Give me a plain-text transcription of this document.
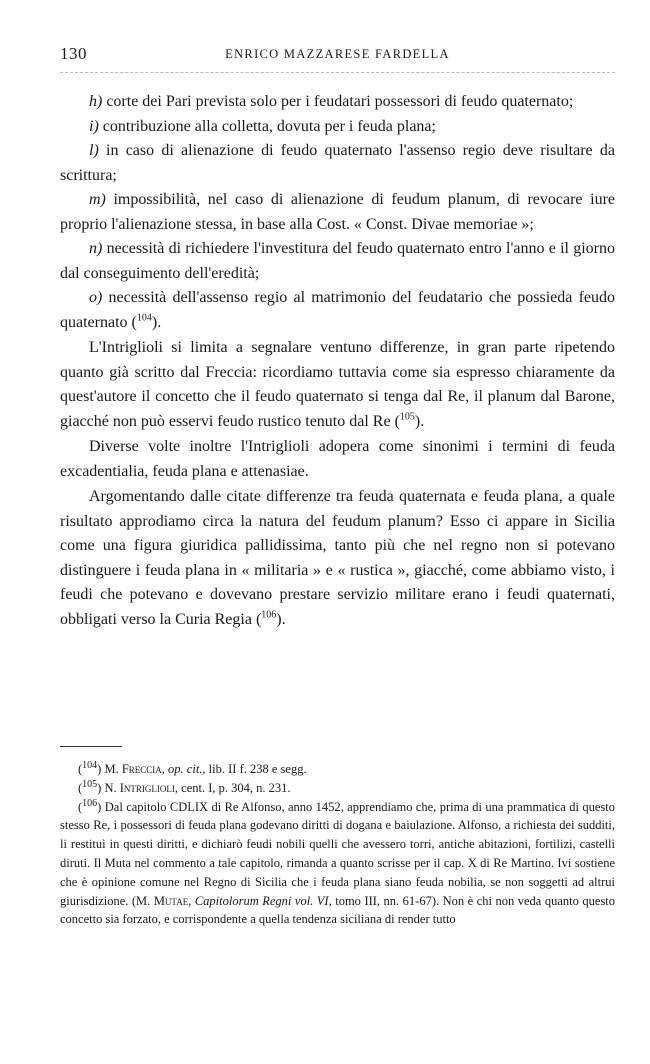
130	ENRICO MAZZARESE FARDELLA

h) corte dei Pari prevista solo per i feudatari possessori di feudo quaternato;

i) contribuzione alla colletta, dovuta per i feuda plana;

l) in caso di alienazione di feudo quaternato l'assenso regio deve risultare da scrittura;

m) impossibilità, nel caso di alienazione di feudum planum, di revocare iure proprio l'alienazione stessa, in base alla Cost. « Const. Divae memoriae »;

n) necessità di richiedere l'investitura del feudo quaternato entro l'anno e il giorno dal conseguimento dell'eredità;

o) necessità dell'assenso regio al matrimonio del feudatario che possieda feudo quaternato ($^{104}$).

L'Intriglioli si limita a segnalare ventuno differenze, in gran parte ripetendo quanto già scritto dal Freccia: ricordiamo tuttavia come sia espresso chiaramente da quest'autore il concetto che il feudo quaternato si tenga dal Re, il planum dal Barone, giacché non può esservi feudo rustico tenuto dal Re ($^{105}$).

Diverse volte inoltre l'Intriglioli adopera come sinonimi i termini di feuda excadentialia, feuda plana e attenasiae.

Argomentando dalle citate differenze tra feuda quaternata e feuda plana, a quale risultato approdiamo circa la natura del feudum planum? Esso ci appare in Sicilia come una figura giuridica pallidissima, tanto più che nel regno non si potevano distinguere i feuda plana in « militaria » e « rustica », giacché, come abbiamo visto, i feudi che potevano e dovevano prestare servizio militare erano i feudi quaternati, obbligati verso la Curia Regia ($^{106}$).

($^{104}$) M. Freccia, op. cit., lib. II f. 238 e segg.

($^{105}$) N. Intriglioli, cent. I, p. 304, n. 231.

($^{106}$) Dal capitolo CDLIX di Re Alfonso, anno 1452, apprendiamo che, prima di una prammatica di questo stesso Re, i possessori di feuda plana godevano diritti di dogana e baiulazione. Alfonso, a richiesta dei sudditi, li restituì in questi diritti, e dichiarò feudi nobili quelli che avessero torri, antiche abitazioni, fortilizi, castelli diruti. Il Muta nel commento a tale capitolo, rimanda a quanto scrisse per il cap. X di Re Martino. Ivi sostiene che è opinione comune nel Regno di Sicilia che i feuda plana siano feuda nobilia, se non soggetti ad altrui giurisdizione. (M. Mutae, Capitolorum Regni vol. VI, tomo III, nn. 61-67). Non è chi non veda quanto questo concetto sia forzato, e corrispondente a quella tendenza siciliana di render tutto
